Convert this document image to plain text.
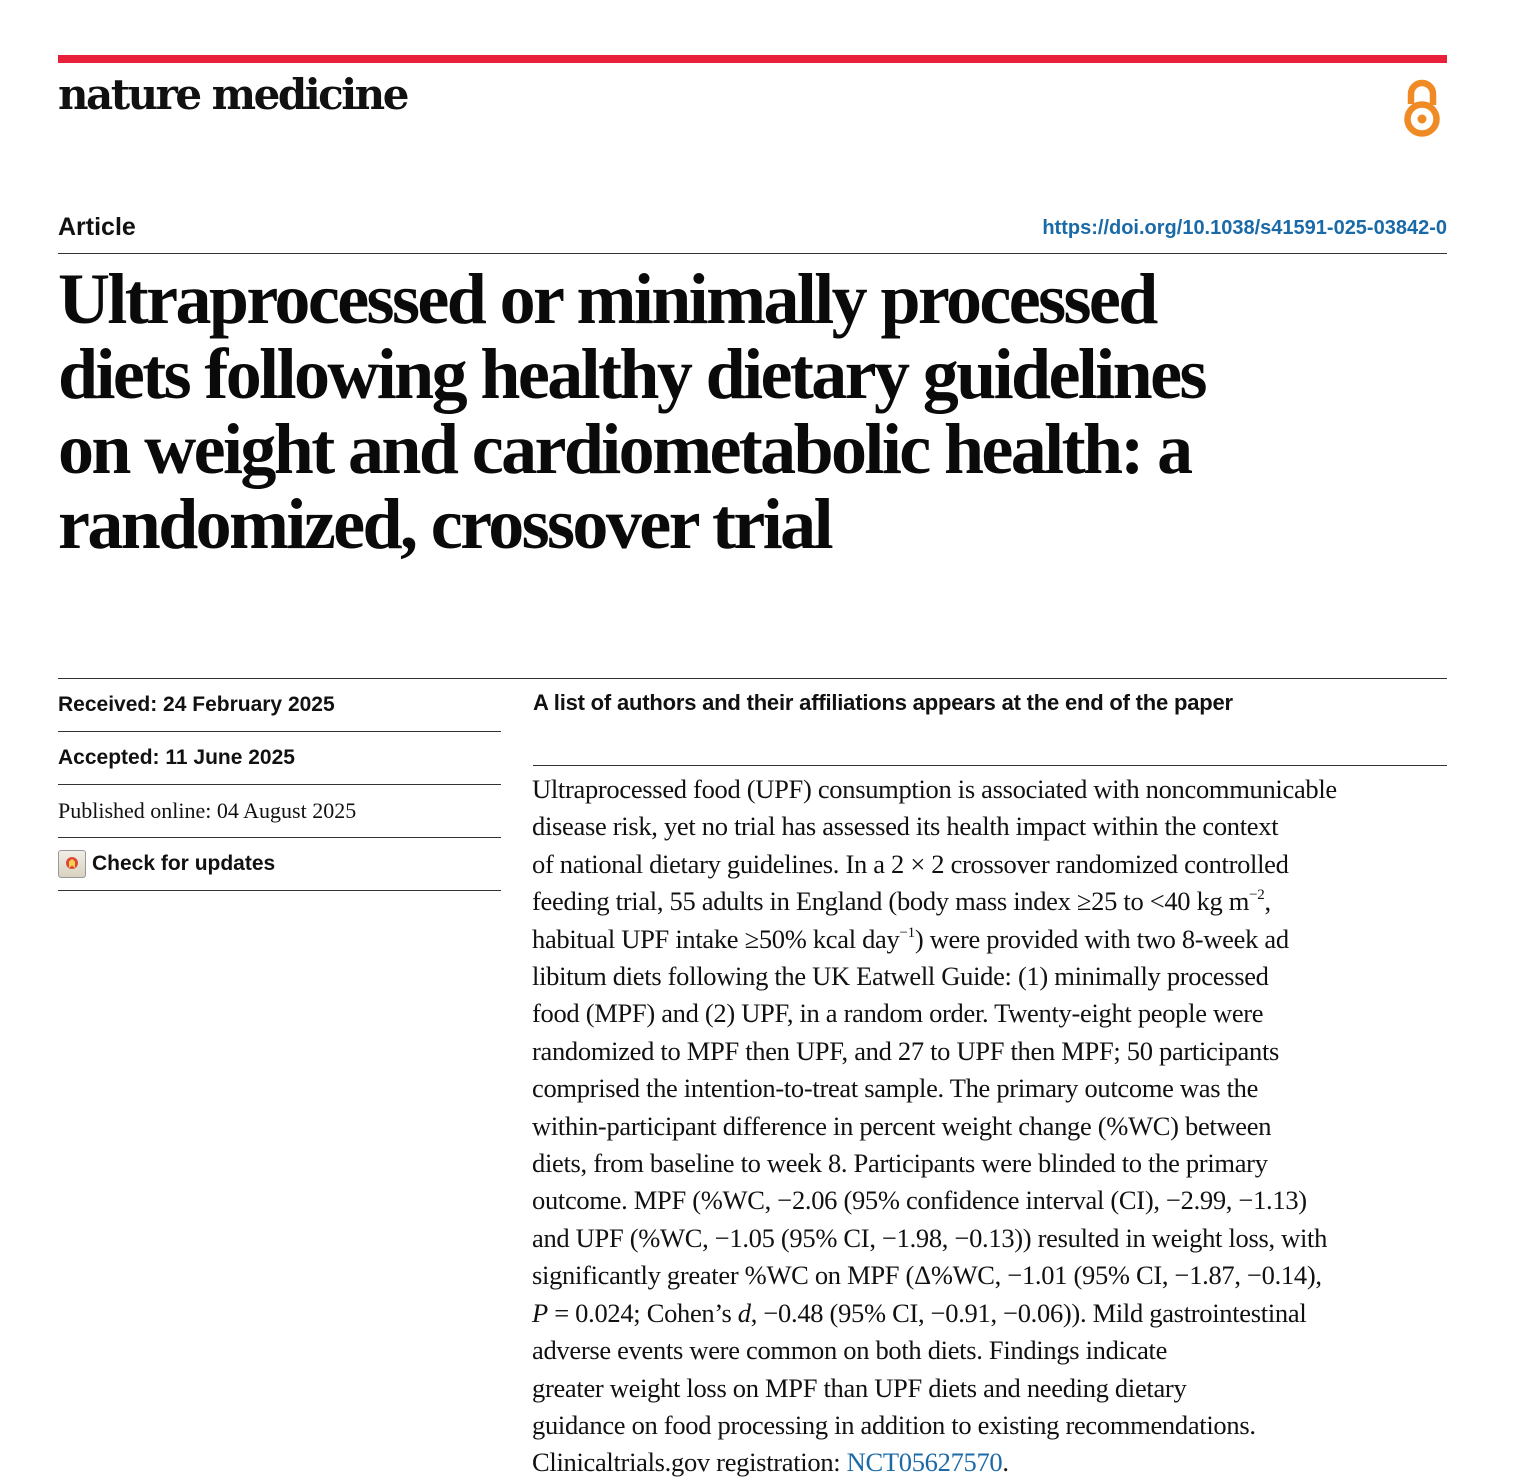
nature medicine
Article	https://doi.org/10.1038/s41591-025-03842-0
Ultraprocessed or minimally processed
diets following healthy dietary guidelines
on weight and cardiometabolic health: a
randomized, crossover trial
Received: 24 February 2025
Accepted: 11 June 2025
Published online: 04 August 2025
Check for updates
A list of authors and their affiliations appears at the end of the paper
Ultraprocessed food (UPF) consumption is associated with noncommunicable
disease risk, yet no trial has assessed its health impact within the context
of national dietary guidelines. In a 2 × 2 crossover randomized controlled
feeding trial, 55 adults in England (body mass index ≥25 to <40 kg $m^{-2}$,
habitual UPF intake ≥50% kcal day$^{-1}$) were provided with two 8-week ad
libitum diets following the UK Eatwell Guide: (1) minimally processed
food (MPF) and (2) UPF, in a random order. Twenty-eight people were
randomized to MPF then UPF, and 27 to UPF then MPF; 50 participants
comprised the intention-to-treat sample. The primary outcome was the
within-participant difference in percent weight change (%WC) between
diets, from baseline to week 8. Participants were blinded to the primary
outcome. MPF (%WC, −2.06 (95% confidence interval (CI), −2.99, −1.13)
and UPF (%WC, −1.05 (95% CI, −1.98, −0.13)) resulted in weight loss, with
significantly greater %WC on MPF (Δ%WC, −1.01 (95% CI, −1.87, −0.14),
P = 0.024; Cohen’s d, −0.48 (95% CI, −0.91, −0.06)). Mild gastrointestinal
adverse events were common on both diets. Findings indicate
greater weight loss on MPF than UPF diets and needing dietary
guidance on food processing in addition to existing recommendations.
Clinicaltrials.gov registration: NCT05627570.
